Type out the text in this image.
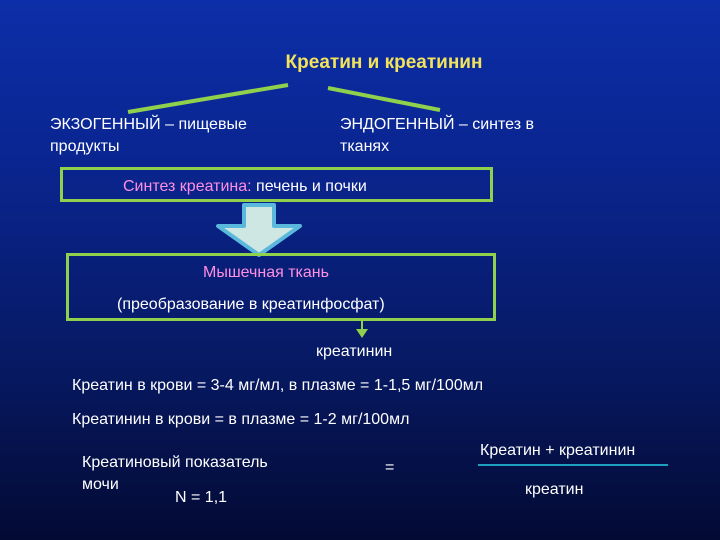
Креатин и креатинин
ЭКЗОГЕННЫЙ – пищевые
продукты
ЭНДОГЕННЫЙ – синтез в
тканях
Синтез креатина: печень и почки
Мышечная ткань
(преобразование в креатинфосфат)
креатинин
Креатин в крови = 3-4 мг/мл, в плазме = 1-1,5 мг/100мл
Креатинин в крови = в плазме = 1-2 мг/100мл
Креатиновый показатель
мочи
=
Креатин + креатинин
креатин
N = 1,1
